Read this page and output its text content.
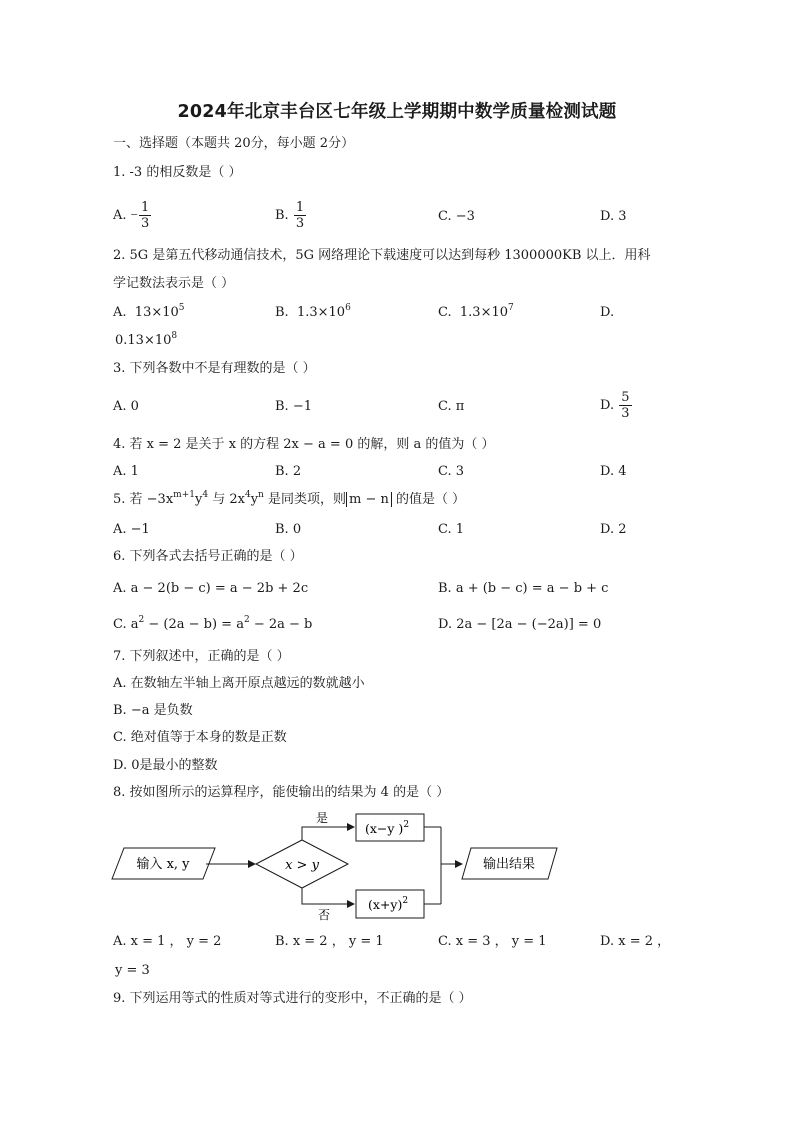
2024年北京丰台区七年级上学期期中数学质量检测试题
一、选择题（本题共 20分，每小题 2分）
1. -3 的相反数是（ ）
A. − $\frac{1}{3}$	B. $\frac{1}{3}$	C. −3	D. 3
2. 5G 是第五代移动通信技术，5G 网络理论下载速度可以达到每秒 1300000KB 以上．用科
学记数法表示是（ ）
A. $13\times 10^5$	B. $1.3\times 10^6$	C. $1.3\times 10^7$	D.
$0.13\times 10^8$
3. 下列各数中不是有理数的是（ ）
A. 0	B. −1	C. π	D. $\frac{5}{3}$
4. 若 x = 2 是关于 x 的方程 2x − a = 0 的解，则 a 的值为（ ）
A. 1	B. 2	C. 3	D. 4
5. 若 $-3x^{m+1}y^4$ 与 $2x^4y^n$ 是同类项，则 m − n 的值是（ ）
A. −1	B. 0	C. 1	D. 2
6. 下列各式去括号正确的是（ ）
A. a − 2(b − c) = a − 2b + 2c	B. a + (b − c) = a − b + c
C. $a^2 - (2a - b) = a^2 - 2a - b$	D. 2a − [2a − (−2a)] = 0
7. 下列叙述中，正确的是（ ）
A. 在数轴左半轴上离开原点越远的数就越小
B. −a 是负数
C. 绝对值等于本身的数是正数
D. 0是最小的整数
8. 按如图所示的运算程序，能使输出的结果为 4 的是（ ）
输入 x, y	x > y
是
否
(x−y )$^2$
$(x+y)^2$
输出结果
A. x = 1 ， y = 2	B. x = 2 ， y = 1	C. x = 3 ， y = 1	D. x = 2 ，
y = 3
9. 下列运用等式的性质对等式进行的变形中，不正确的是（ ）
